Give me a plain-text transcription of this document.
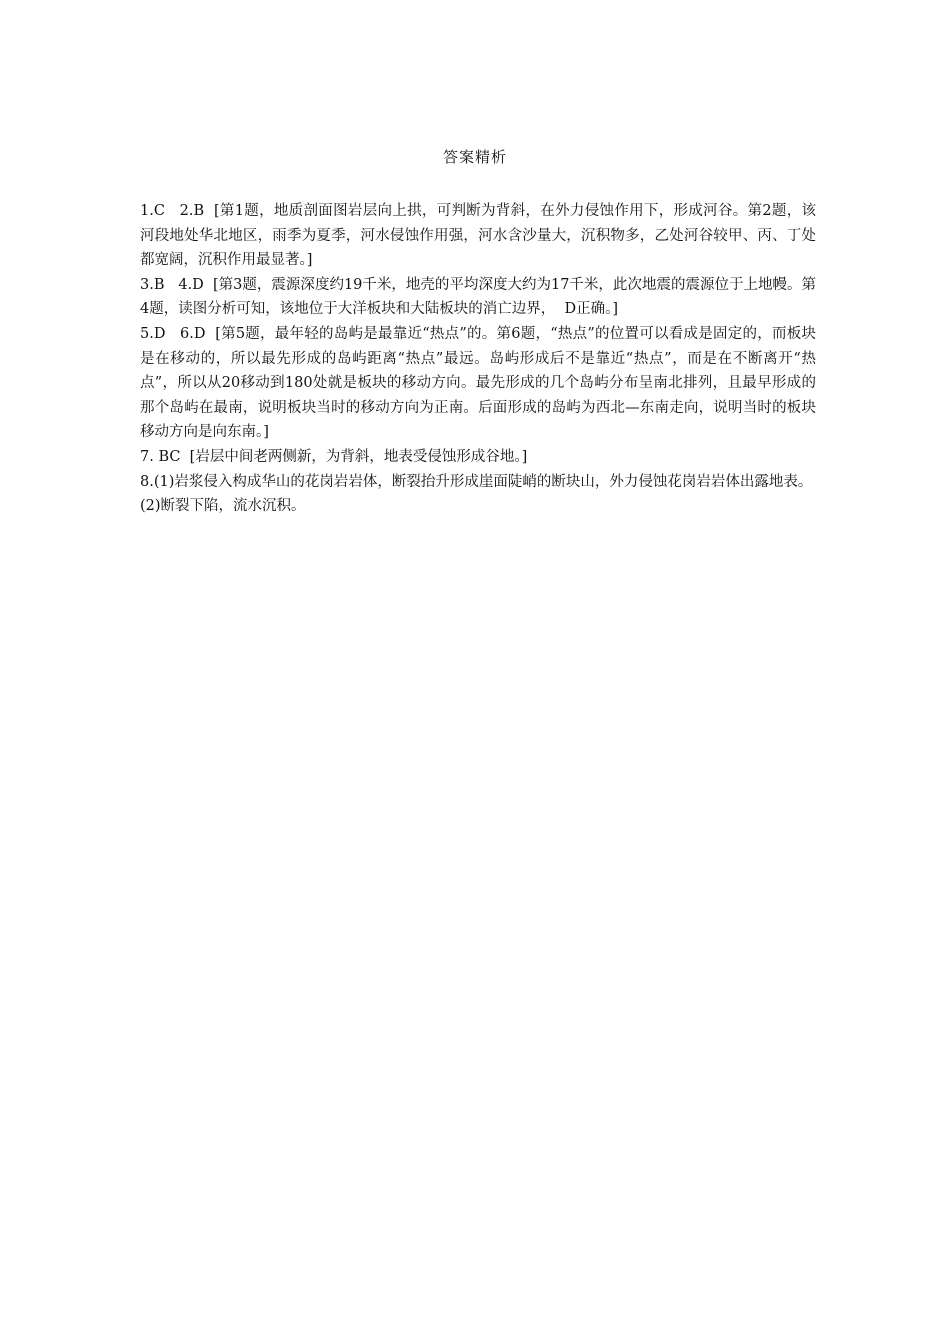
答案精析

1.C   2.B  [第1题，地质剖面图岩层向上拱，可判断为背斜，在外力侵蚀作用下，形成河谷。第2题，该河段地处华北地区，雨季为夏季，河水侵蚀作用强，河水含沙量大，沉积物多，乙处河谷较甲、丙、丁处都宽阔，沉积作用最显著。]

3.B   4.D  [第3题，震源深度约19千米，地壳的平均深度大约为17千米，此次地震的震源位于上地幔。第4题，读图分析可知，该地位于大洋板块和大陆板块的消亡边界，  D正确。]

5.D   6.D  [第5题，最年轻的岛屿是最靠近“热点”的。第6题，“热点”的位置可以看成是固定的，而板块是在移动的，所以最先形成的岛屿距离“热点”最远。岛屿形成后不是靠近“热点”，而是在不断离开“热点”，所以从20移动到180处就是板块的移动方向。最先形成的几个岛屿分布呈南北排列，且最早形成的那个岛屿在最南，说明板块当时的移动方向为正南。后面形成的岛屿为西北—东南走向，说明当时的板块移动方向是向东南。]

7. BC  [岩层中间老两侧新，为背斜，地表受侵蚀形成谷地。]

8.(1)岩浆侵入构成华山的花岗岩岩体，断裂抬升形成崖面陡峭的断块山，外力侵蚀花岗岩岩体出露地表。

(2)断裂下陷，流水沉积。
